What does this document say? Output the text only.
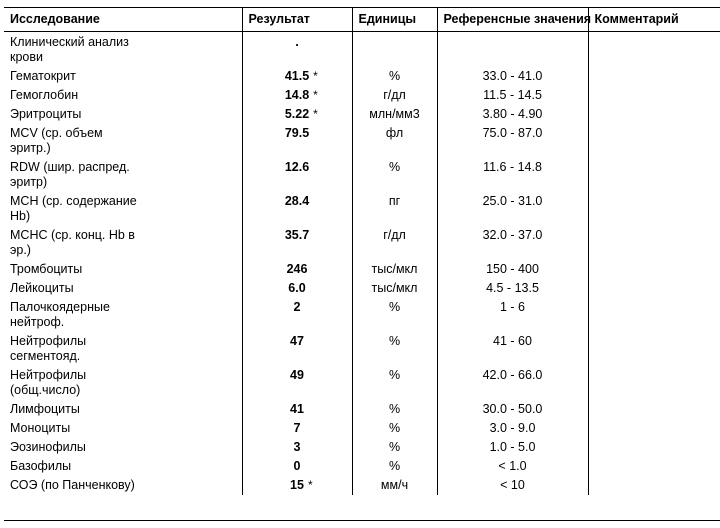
Исследование	Результат	Единицы	Референсные значения	Комментарий
Клинический анализ
крови	.			
Гематокрит	41.5 *	%	33.0 - 41.0	
Гемоглобин	14.8 *	г/дл	11.5 - 14.5	
Эритроциты	5.22 *	млн/мм3	3.80 - 4.90	
MCV (ср. объем
эритр.)	79.5	фл	75.0 - 87.0	
RDW (шир. распред.
эритр)	12.6	%	11.6 - 14.8	
MCH (ср. содержание
Hb)	28.4	пг	25.0 - 31.0	
MCHC (ср. конц. Hb в
эр.)	35.7	г/дл	32.0 - 37.0	
Тромбоциты	246	тыс/мкл	150 - 400	
Лейкоциты	6.0	тыс/мкл	4.5 - 13.5	
Палочкоядерные
нейтроф.	2	%	1 - 6	
Нейтрофилы
сегментояд.	47	%	41 - 60	
Нейтрофилы
(общ.число)	49	%	42.0 - 66.0	
Лимфоциты	41	%	30.0 - 50.0	
Моноциты	7	%	3.0 - 9.0	
Эозинофилы	3	%	1.0 - 5.0	
Базофилы	0	%	< 1.0	
СОЭ (по Панченкову)	15 *	мм/ч	< 10	
